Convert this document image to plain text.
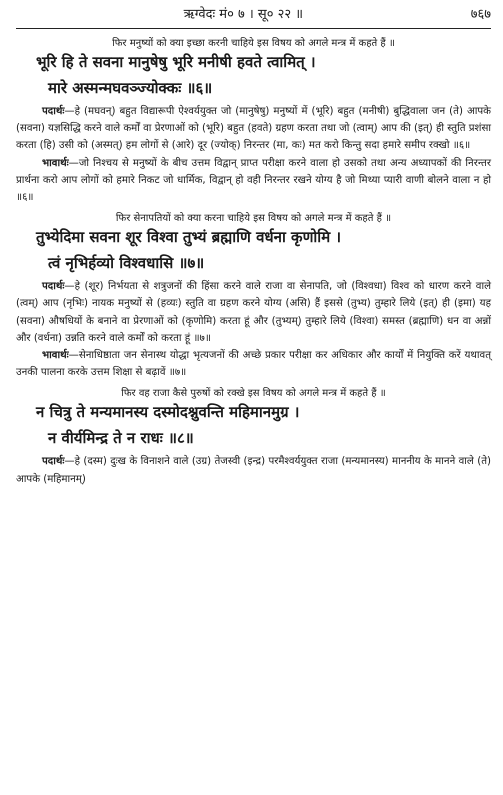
ऋग्वेदः मं० ७ । सू० २२ ॥	७६७

फिर मनुष्यों को क्या इच्छा करनी चाहिये इस विषय को अगले मन्त्र में कहते हैं ॥

भूरि हि ते सवना मानुषेषु भूरि मनीषी हवते त्वामित् ।
मारे अस्मन्मघवञ्ज्योक्कः ॥६॥

पदार्थः—हे (मघवन्) बहुत विद्यारूपी ऐश्वर्ययुक्त जो (मानुषेषु) मनुष्यों में (भूरि) बहुत (मनीषी) बुद्धिवाला जन (ते) आपके (सवना) यज्ञसिद्धि करने वाले कर्मों वा प्रेरणाओं को (भूरि) बहुत (हवते) ग्रहण करता तथा जो (त्वाम्) आप की (इत्) ही स्तुति प्रशंसा करता (हि) उसी को (अस्मत्) हम लोगों से (आरे) दूर (ज्योक्) निरन्तर (मा, कः) मत करो किन्तु सदा हमारे समीप रक्खो ॥६॥

भावार्थः—जो निश्चय से मनुष्यों के बीच उत्तम विद्वान् प्राप्त परीक्षा करने वाला हो उसको तथा अन्य अध्यापकों की निरन्तर प्रार्थना करो आप लोगों को हमारे निकट जो धार्मिक, विद्वान् हो वही निरन्तर रखने योग्य है जो मिथ्या प्यारी वाणी बोलने वाला न हो ॥६॥

फिर सेनापतियों को क्या करना चाहिये इस विषय को अगले मन्त्र में कहते हैं ॥

तुभ्येदिमा सवना शूर विश्वा तुभ्यं ब्रह्माणि वर्धना कृणोमि ।
त्वं नृभिर्हव्यो विश्वधासि ॥७॥

पदार्थः—हे (शूर) निर्भयता से शत्रुजनों की हिंसा करने वाले राजा वा सेनापति, जो (विश्वधा) विश्व को धारण करने वाले (त्वम्) आप (नृभिः) नायक मनुष्यों से (हव्यः) स्तुति वा ग्रहण करने योग्य (असि) हैं इससे (तुभ्य) तुम्हारे लिये (इत्) ही (इमा) यह (सवना) औषधियों के बनाने वा प्रेरणाओं को (कृणोमि) करता हूं और (तुभ्यम्) तुम्हारे लिये (विश्वा) समस्त (ब्रह्माणि) धन वा अन्नों और (वर्धना) उन्नति करने वाले कर्मों को करता हूं ॥७॥

भावार्थः—सेनाधिष्ठाता जन सेनास्थ योद्धा भृत्यजनों की अच्छे प्रकार परीक्षा कर अधिकार और कार्यों में नियुक्ति करें यथावत् उनकी पालना करके उत्तम शिक्षा से बढ़ावें ॥७॥

फिर वह राजा कैसे पुरुषों को रक्खे इस विषय को अगले मन्त्र में कहते हैं ॥

न चित्रु ते मन्यमानस्य दस्मोदश्नुवन्ति महिमानमुग्र ।
न वीर्यमिन्द्र ते न राधः ॥८॥

पदार्थः—हे (दस्म) दुःख के विनाशने वाले (उग्र) तेजस्वी (इन्द्र) परमैश्वर्ययुक्त राजा (मन्यमानस्य) माननीय के मानने वाले (ते) आपके (महिमानम्)
